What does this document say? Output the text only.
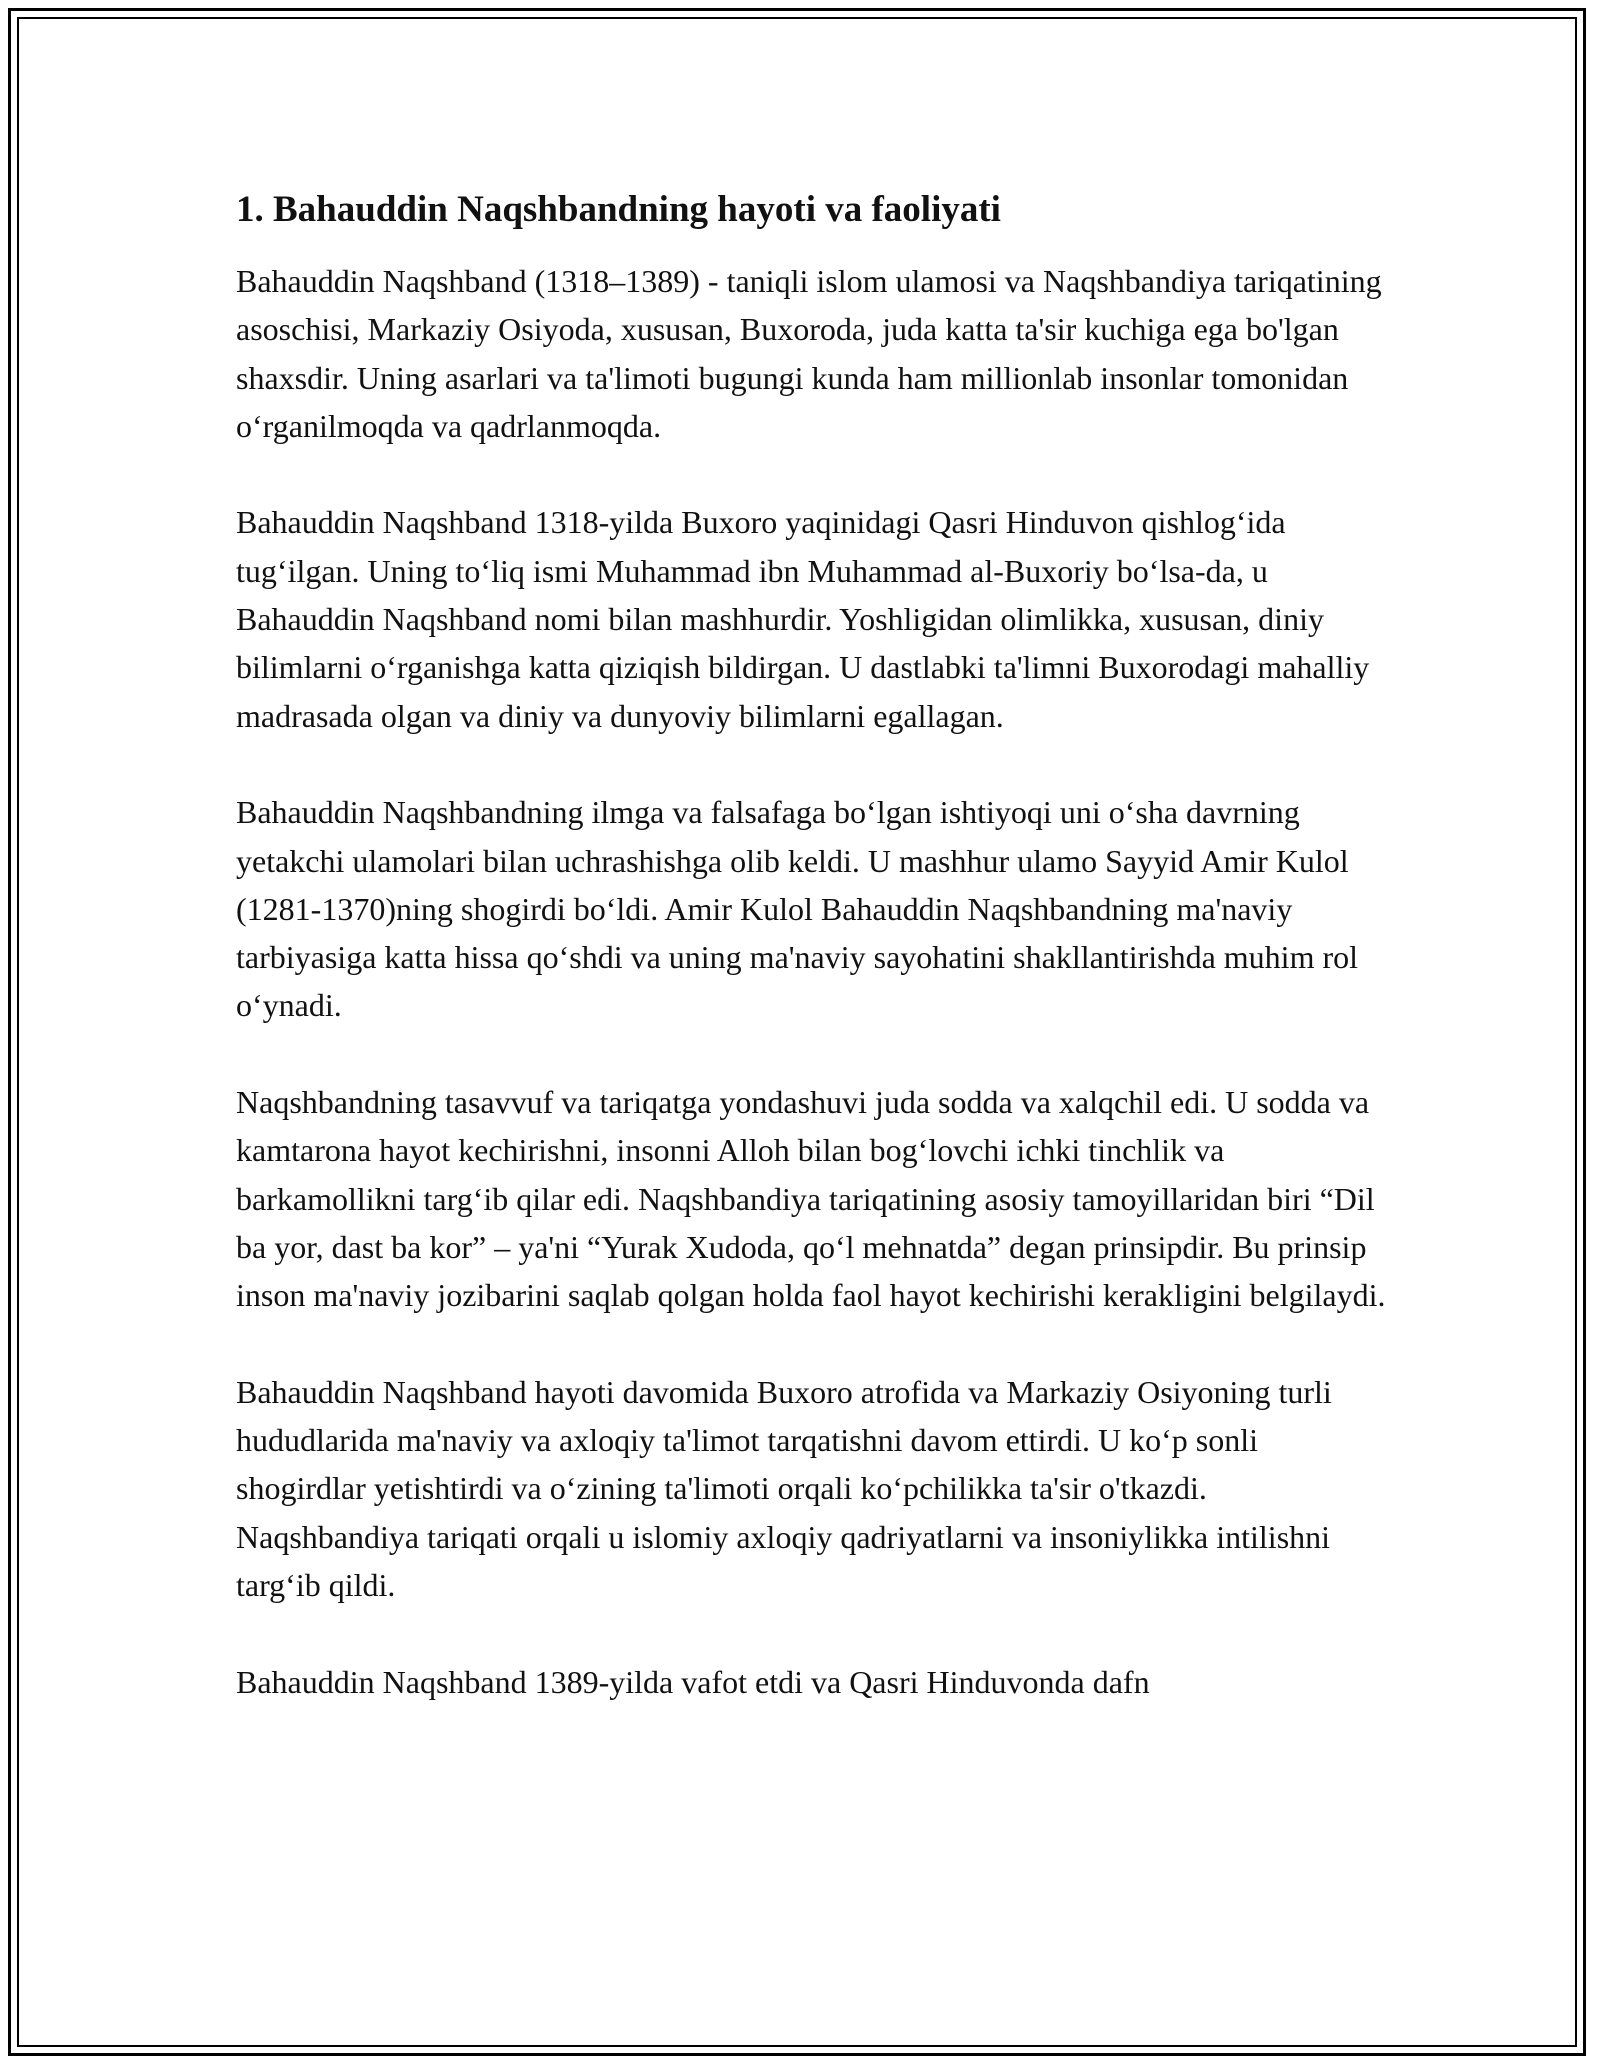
1. Bahauddin Naqshbandning hayoti va faoliyati

Bahauddin Naqshband (1318–1389) - taniqli islom ulamosi va Naqshbandiya tariqatining asoschisi, Markaziy Osiyoda, xususan, Buxoroda, juda katta ta'sir kuchiga ega bo'lgan shaxsdir. Uning asarlari va ta'limoti bugungi kunda ham millionlab insonlar tomonidan o‘rganilmoqda va qadrlanmoqda.

Bahauddin Naqshband 1318-yilda Buxoro yaqinidagi Qasri Hinduvon qishlog‘ida tug‘ilgan. Uning to‘liq ismi Muhammad ibn Muhammad al-Buxoriy bo‘lsa-da, u Bahauddin Naqshband nomi bilan mashhurdir. Yoshligidan olimlikka, xususan, diniy bilimlarni o‘rganishga katta qiziqish bildirgan. U dastlabki ta'limni Buxorodagi mahalliy madrasada olgan va diniy va dunyoviy bilimlarni egallagan.

Bahauddin Naqshbandning ilmga va falsafaga bo‘lgan ishtiyoqi uni o‘sha davrning yetakchi ulamolari bilan uchrashishga olib keldi. U mashhur ulamo Sayyid Amir Kulol (1281-1370)ning shogirdi bo‘ldi. Amir Kulol Bahauddin Naqshbandning ma'naviy tarbiyasiga katta hissa qo‘shdi va uning ma'naviy sayohatini shakllantirishda muhim rol o‘ynadi.

Naqshbandning tasavvuf va tariqatga yondashuvi juda sodda va xalqchil edi. U sodda va kamtarona hayot kechirishni, insonni Alloh bilan bog‘lovchi ichki tinchlik va barkamollikni targ‘ib qilar edi. Naqshbandiya tariqatining asosiy tamoyillaridan biri “Dil ba yor, dast ba kor” – ya'ni “Yurak Xudoda, qo‘l mehnatda” degan prinsipdir. Bu prinsip inson ma'naviy jozibarini saqlab qolgan holda faol hayot kechirishi kerakligini belgilaydi.

Bahauddin Naqshband hayoti davomida Buxoro atrofida va Markaziy Osiyoning turli hududlarida ma'naviy va axloqiy ta'limot tarqatishni davom ettirdi. U ko‘p sonli shogirdlar yetishtirdi va o‘zining ta'limoti orqali ko‘pchilikka ta'sir o'tkazdi. Naqshbandiya tariqati orqali u islomiy axloqiy qadriyatlarni va insoniylikka intilishni targ‘ib qildi.

Bahauddin Naqshband 1389-yilda vafot etdi va Qasri Hinduvonda dafn
